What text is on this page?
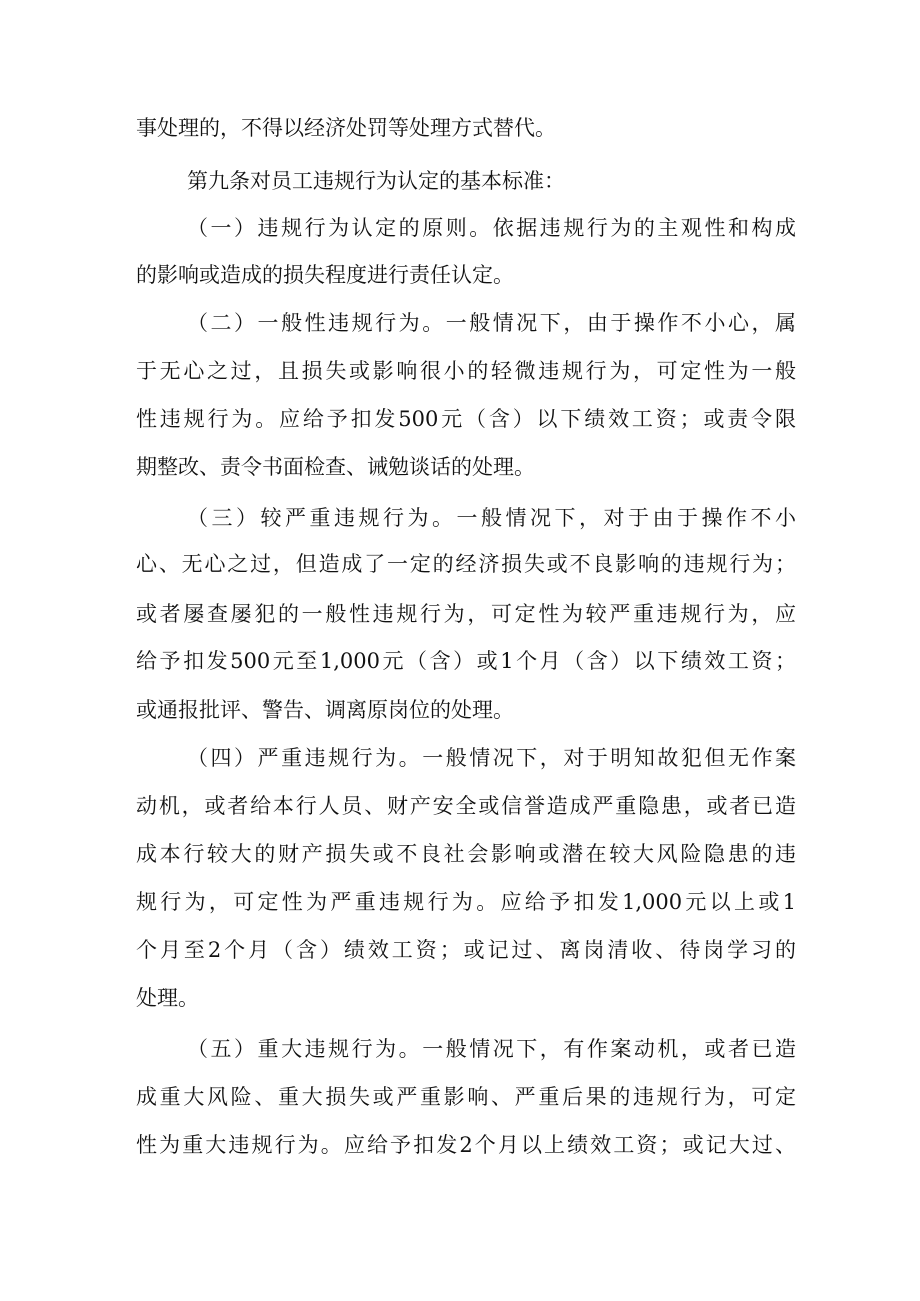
事处理的，不得以经济处罚等处理方式替代。
第九条对员工违规行为认定的基本标准：
（一）违规行为认定的原则。依据违规行为的主观性和构成
的影响或造成的损失程度进行责任认定。
（二）一般性违规行为。一般情况下，由于操作不小心，属
于无心之过，且损失或影响很小的轻微违规行为，可定性为一般
性违规行为。应给予扣发500元（含）以下绩效工资；或责令限
期整改、责令书面检查、诫勉谈话的处理。
（三）较严重违规行为。一般情况下，对于由于操作不小
心、无心之过，但造成了一定的经济损失或不良影响的违规行为；
或者屡查屡犯的一般性违规行为，可定性为较严重违规行为，应
给予扣发500元至1,000元（含）或1个月（含）以下绩效工资；
或通报批评、警告、调离原岗位的处理。
（四）严重违规行为。一般情况下，对于明知故犯但无作案
动机，或者给本行人员、财产安全或信誉造成严重隐患，或者已造
成本行较大的财产损失或不良社会影响或潜在较大风险隐患的违
规行为，可定性为严重违规行为。应给予扣发1,000元以上或1
个月至2个月（含）绩效工资；或记过、离岗清收、待岗学习的
处理。
（五）重大违规行为。一般情况下，有作案动机，或者已造
成重大风险、重大损失或严重影响、严重后果的违规行为，可定
性为重大违规行为。应给予扣发2个月以上绩效工资；或记大过、
